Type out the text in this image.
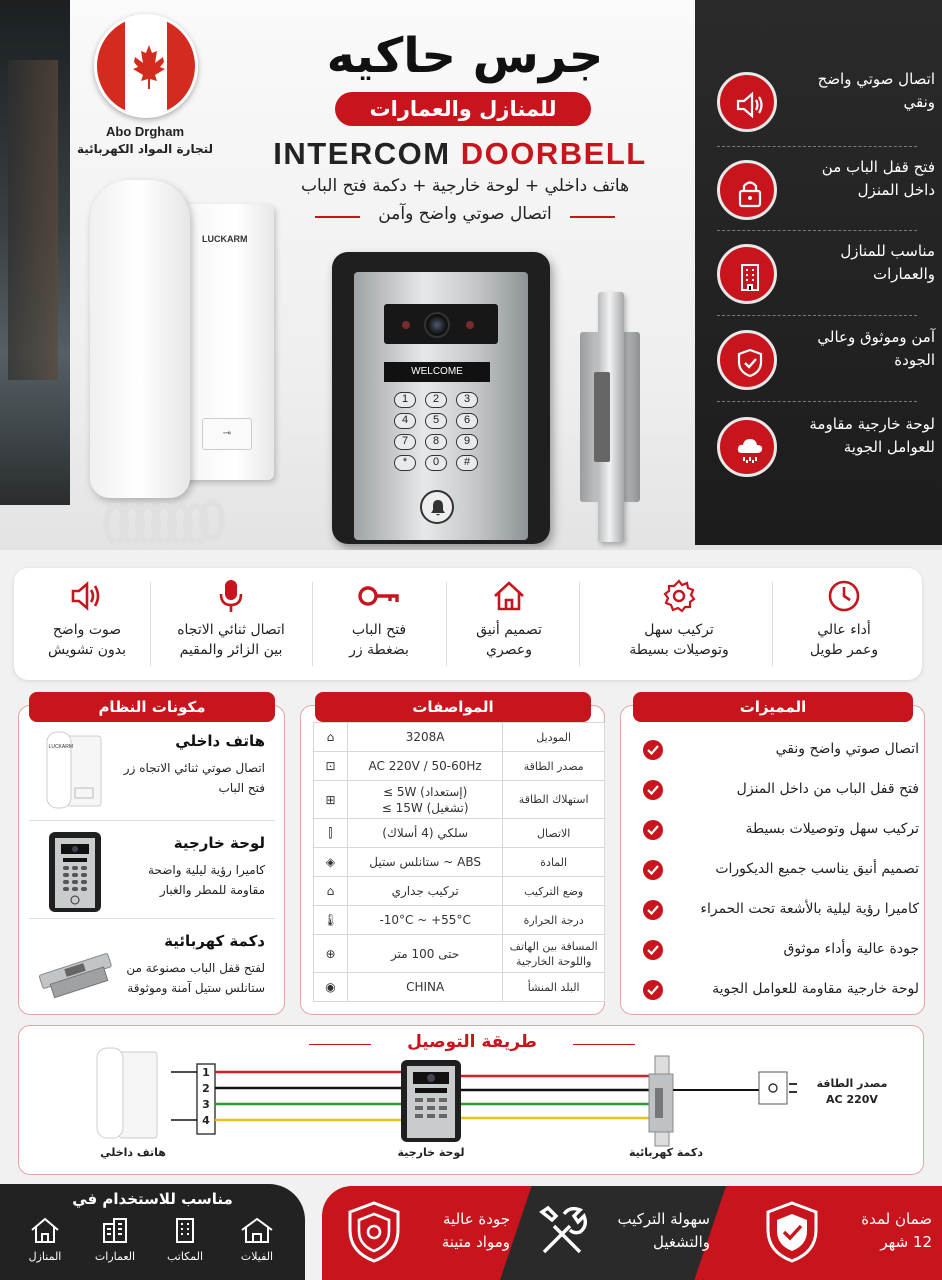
Abo Drgham
لتجارة المواد الكهربائية
جرس حاكيه
للمنازل والعمارات
INTERCOM DOORBELL
هاتف داخلي + لوحة خارجية + دكمة فتح الباب
اتصال صوتي واضح وآمن
LUCKARM
⊸
WELCOME
1	2	3
4	5	6
7	8	9
*	0	#
اتصال صوتي واضح ونقي
فتح قفل الباب من داخل المنزل
مناسب للمنازل والعمارات
آمن وموثوق وعالي الجودة
لوحة خارجية مقاومة للعوامل الجوية
أداء عالي
وعمر طويل
تركيب سهل
وتوصيلات بسيطة
تصميم أنيق
وعصري
فتح الباب
بضغطة زر
اتصال ثنائي الاتجاه
بين الزائر والمقيم
صوت واضح
بدون تشويش
المميزات
اتصال صوتي واضح ونقي
فتح قفل الباب من داخل المنزل
تركيب سهل وتوصيلات بسيطة
تصميم أنيق يناسب جميع الديكورات
كاميرا رؤية ليلية بالأشعة تحت الحمراء
جودة عالية وأداء موثوق
لوحة خارجية مقاومة للعوامل الجوية
المواصفات
الموديل	3208A	⌂
مصدر الطاقة	AC 220V / 50-60Hz	⊡
استهلاك الطاقة	(إستعداد) 5W ≥
(تشغيل) 15W ≥	⊞
الاتصال	سلكي (4 أسلاك)	⫿
المادة	ABS ~ ستانلس ستيل	◈
وضع التركيب	تركيب جداري	⌂
درجة الحرارة	-10°C ~ +55°C	🌡︎
المسافة بين الهاتف واللوحة الخارجية	حتى 100 متر	⊕
البلد المنشأ	CHINA	◉
مكونات النظام
LUCKARM	هاتف داخلي
اتصال صوتي ثنائي الاتجاه زر فتح الباب
لوحة خارجية
كاميرا رؤية ليلية واضحة مقاومة للمطر والغبار
دكمة كهربائية
لفتح قفل الباب مصنوعة من ستانلس ستيل آمنة وموثوقة
طريقة التوصيل
1
2
3
4
هاتف داخلي	لوحة خارجية	دكمة كهربائية
مصدر الطاقة
AC 220V
مناسب للاستخدام في
الفيلات
المكاتب
العمارات
المنازل
ضمان لمدة
12 شهر
سهولة التركيب
والتشغيل
جودة عالية
ومواد متينة
